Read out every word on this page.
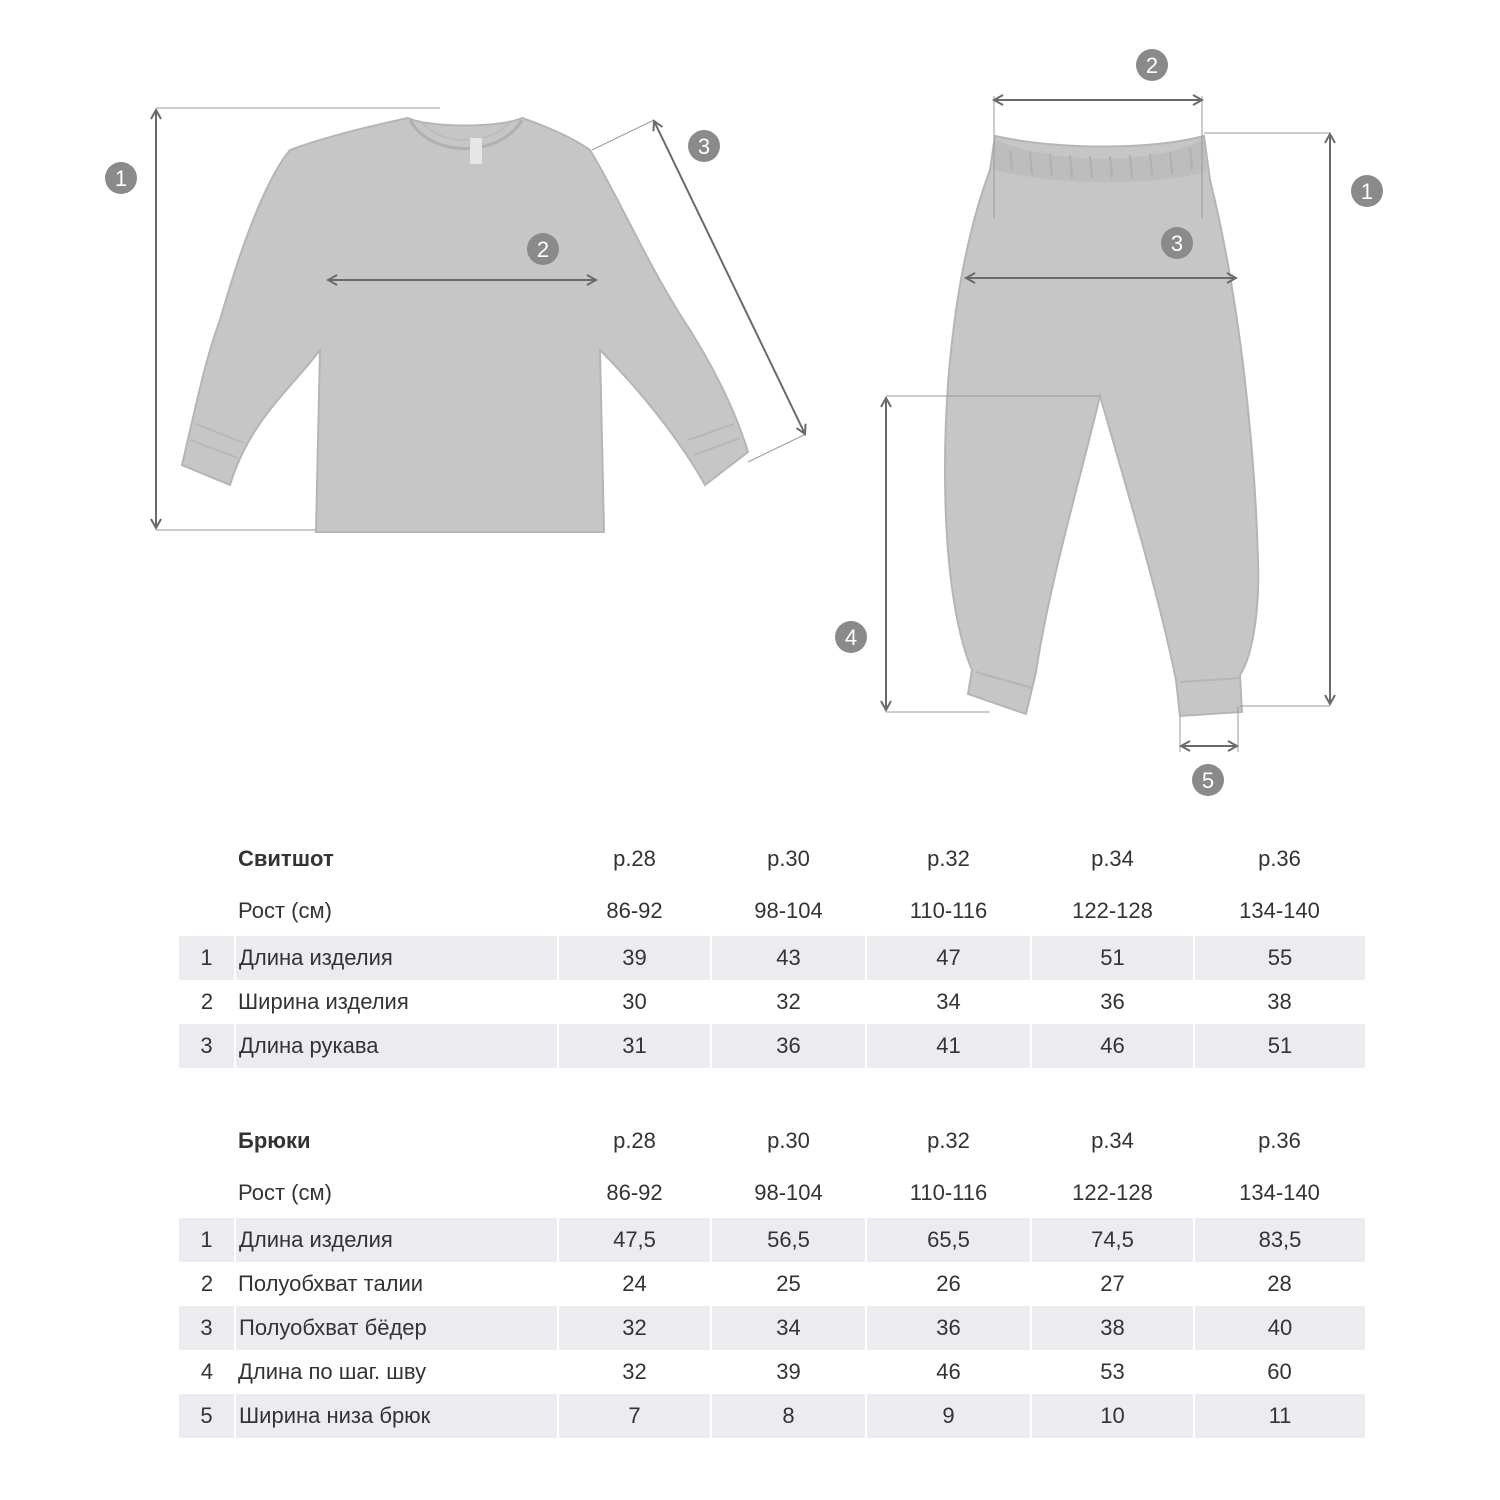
1
2
3
1
2
3
4
5
	Свитшот	р.28	р.30	р.32	р.34	р.36
	Рост (см)	86-92	98-104	110-116	122-128	134-140
1	Длина изделия	39	43	47	51	55
2	Ширина изделия	30	32	34	36	38
3	Длина рукава	31	36	41	46	51
	Брюки	р.28	р.30	р.32	р.34	р.36
	Рост (см)	86-92	98-104	110-116	122-128	134-140
1	Длина изделия	47,5	56,5	65,5	74,5	83,5
2	Полуобхват талии	24	25	26	27	28
3	Полуобхват бёдер	32	34	36	38	40
4	Длина по шаг. шву	32	39	46	53	60
5	Ширина низа брюк	7	8	9	10	11
